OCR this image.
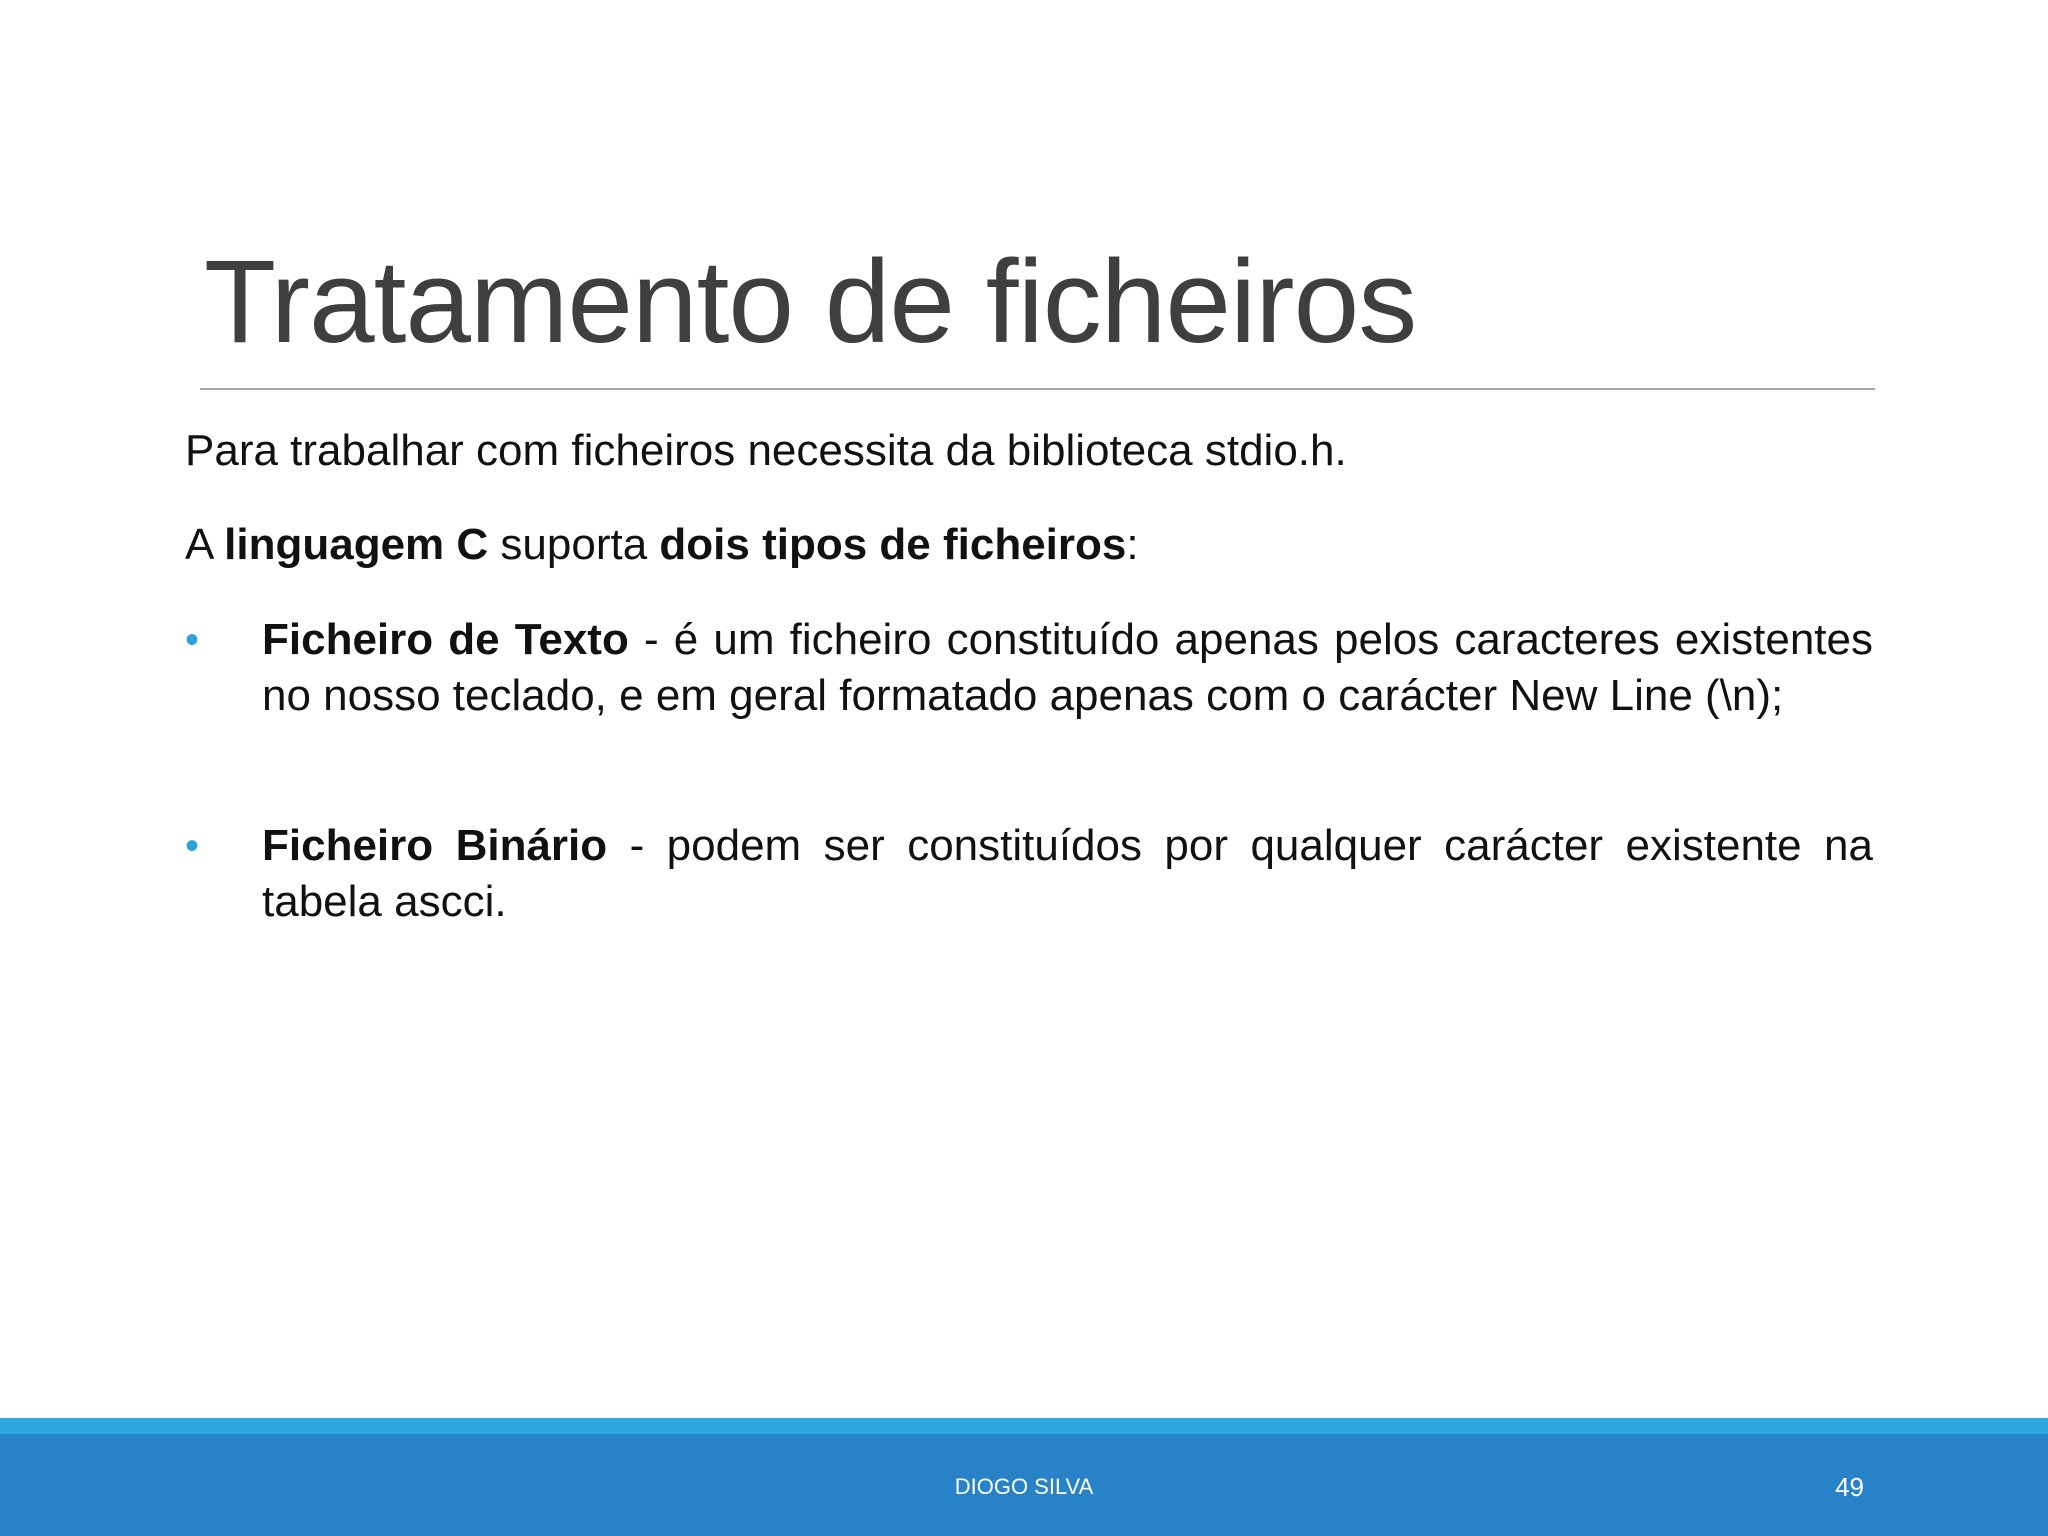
Tratamento de ficheiros
Para trabalhar com ficheiros necessita da biblioteca stdio.h.
A linguagem C suporta dois tipos de ficheiros:
• Ficheiro de Texto - é um ficheiro constituído apenas pelos caracteres existentes no nosso teclado, e em geral formatado apenas com o carácter New Line (\n);
• Ficheiro Binário - podem ser constituídos por qualquer carácter existente na tabela ascci.
DIOGO SILVA	49
